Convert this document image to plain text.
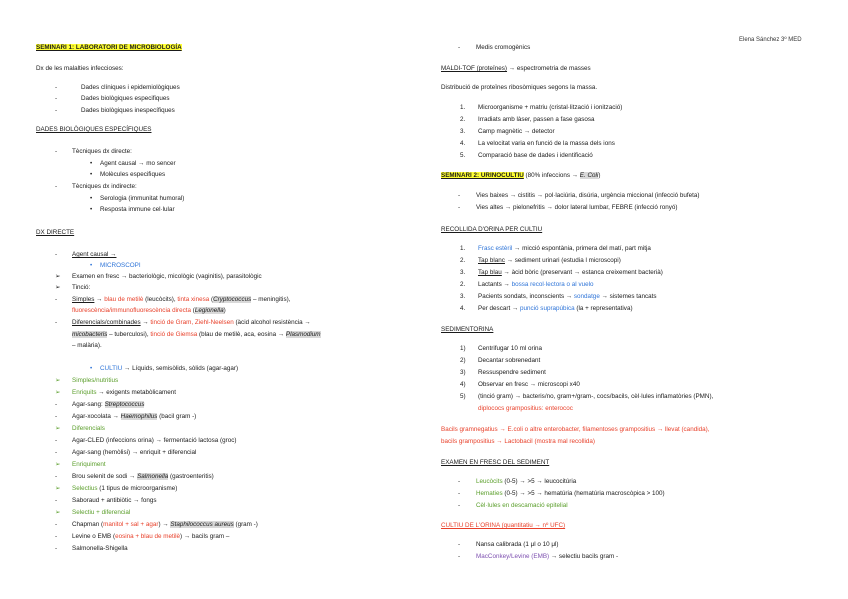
Elena Sánchez 3º MED
SEMINARI 1: LABORATORI DE MICROBIOLOGÍA
Dx de les malalties infeccioses:
-	Dades clíniques i epidemiològiques
-	Dades biològiques especifiques
-	Dades biològiques inespecífiques
DADES BIOLÒGIQUES ESPECÍFIQUES
- Tècniques dx directe:
• Agent causal → mo sencer
• Molècules especifiques
- Tècniques dx indirecte:
• Serologia (immunitat humoral)
• Resposta immune cel·lular
DX DIRECTE
- Agent causal →
• MICROSCOPI
➢ Examen en fresc → bacteriològic, micològic (vaginitis), parasitològic
➢ Tinció:
- Simples → blau de metilè (leucòcits), tinta xinesa (Cryptococcus – meningitis),
fluorescència/immunofluorescència directa (Legionella)
- Diferencials/combinades → tinció de Gram, Ziehl-Neelsen (àcid alcohol resistència →
micobacteris – tuberculosi), tinció de Giemsa (blau de metilè, aca, eosina → Plasmodium
– malària).
• CULTIU → Líquids, semisòlids, sòlids (agar-agar)
➢ Simples/nutritius
➢ Enriquits → exigents metabòlicament
- Agar-sang: Streptococcus
- Agar-xocolata → Haemophilus (bacil gram -)
➢ Diferencials
- Agar-CLED (infeccions orina) → fermentació lactosa (groc)
- Agar-sang (hemòlisi) → enriquit + diferencial
➢ Enriquiment
- Brou selenit de sodi → Salmonella (gastroenteritis)
➢ Selectius (1 tipus de microorganisme)
- Saboraud + antibiòtic → fongs
➢ Selectiu + diferencial
- Chapman (manitol + sal + agar) → Staphilococcus aureus (gram -)
- Levine o EMB (eosina + blau de metilè) → bacils gram –
- Salmonella-Shigella
-	Medis cromogènics
MALDI-TOF (proteïnes) → espectrometria de masses
Distribució de proteïnes ribosòmiques segons la massa.
1. Microorganisme + matriu (cristal·lització i ionització)
2. Irradiats amb làser, passen a fase gasosa
3. Camp magnètic → detector
4. La velocitat varia en funció de la massa dels ions
5. Comparació base de dades i identificació
SEMINARI 2: URINOCULTIU (80% infeccions → E. Coli)
-	Vies baixes → cistitis → pol·laciúria, disúria, urgència miccional (infecció bufeta)
-	Vies altes → pielonefritis → dolor lateral lumbar, FEBRE (infecció ronyó)
RECOLLIDA D'ORINA PER CULTIU
1. Frasc estèril → micció espontània, primera del matí, part mitja
2. Tap blanc → sediment urinari (estudia l microscopi)
3. Tap blau → àcid bòric (preservant → estanca creixement bacterià)
2. Lactants → bossa recol·lectora o al vuelo
3. Pacients sondats, inconscients → sondatge → sistemes tancats
4. Per descart → punció suprapúbica (la + representativa)
SEDIMENTORINA
1) Centrifugar 10 ml orina
2) Decantar sobrenedant
3) Ressuspendre sediment
4) Observar en fresc → microscopi x40
5) (tinció gram) → bacteris/no, gram+/gram-, cocs/bacils, cèl·lules inflamatòries (PMN),
diplococs grampositius: enterococ
Bacils gramnegatius → E.coli o altre enterobacter, filamentoses grampositius → llevat (candida),
bacils grampositius → Lactobacil (mostra mal recollida)
EXAMEN EN FRESC DEL SEDIMENT
-	Leucòcits (0-5) → >5 → leucocitúria
-	Hematies (0-5) → >5 → hematúria (hematúria macroscòpica > 100)
-	Cèl·lules en descamació epitelial
CULTIU DE L'ORINA (quantitatiu → nº UFC)
-	Nansa calibrada (1 μl o 10 μl)
-	MacConkey/Levine (EMB) → selectiu bacils gram -
